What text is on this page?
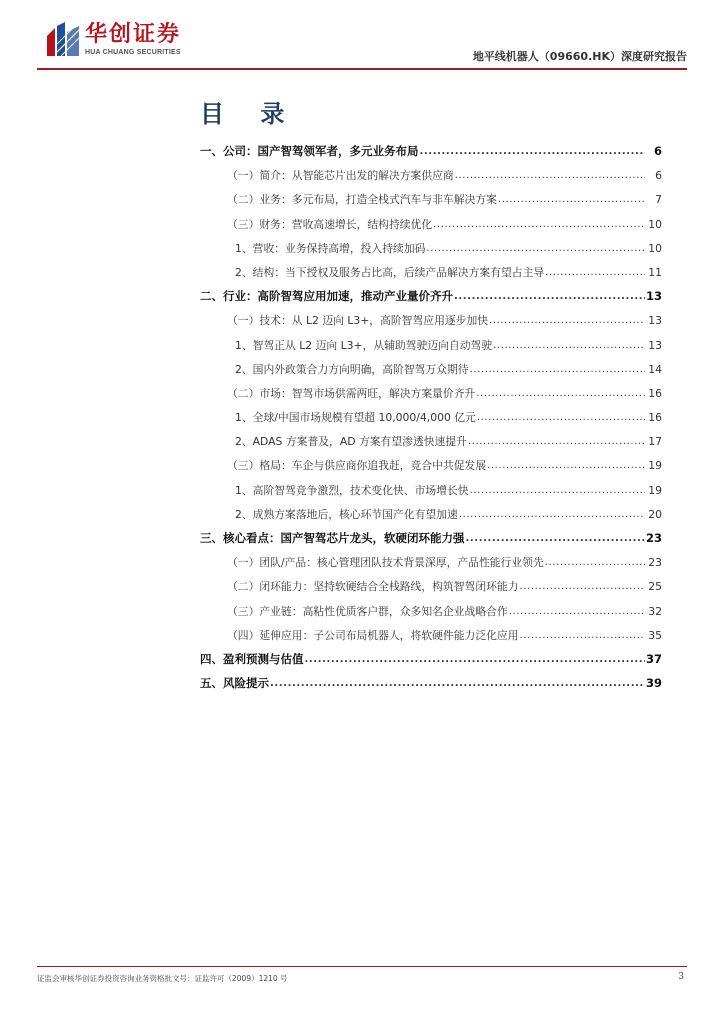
华创证券
HUA CHUANG SECURITIES	地平线机器人（09660.HK）深度研究报告
目 录
一、公司：国产智驾领军者，多元业务布局 .....	6
（一）简介：从智能芯片出发的解决方案供应商 .....	6
（二）业务：多元布局，打造全栈式汽车与非车解决方案 .....	7
（三）财务：营收高速增长，结构持续优化 .....	10
1、营收：业务保持高增，投入持续加码 .....	10
2、结构：当下授权及服务占比高，后续产品解决方案有望占主导 .....	11
二、行业：高阶智驾应用加速，推动产业量价齐升 .....	13
（一）技术：从 L2 迈向 L3+，高阶智驾应用逐步加快 .....	13
1、智驾正从 L2 迈向 L3+，从辅助驾驶迈向自动驾驶 .....	13
2、国内外政策合力方向明确，高阶智驾万众期待 .....	14
（二）市场：智驾市场供需两旺，解决方案量价齐升 .....	16
1、全球/中国市场规模有望超 10,000/4,000 亿元 .....	16
2、ADAS 方案普及，AD 方案有望渗透快速提升 .....	17
（三）格局：车企与供应商你追我赶，竞合中共促发展 .....	19
1、高阶智驾竞争激烈，技术变化快、市场增长快 .....	19
2、成熟方案落地后，核心环节国产化有望加速 .....	20
三、核心看点：国产智驾芯片龙头，软硬闭环能力强 .....	23
（一）团队/产品：核心管理团队技术背景深厚，产品性能行业领先 .....	23
（二）闭环能力：坚持软硬结合全栈路线，构筑智驾闭环能力 .....	25
（三）产业链：高粘性优质客户群，众多知名企业战略合作 .....	32
（四）延伸应用：子公司布局机器人，将软硬件能力泛化应用 .....	35
四、盈利预测与估值 .....	37
五、风险提示 .....	39
证监会审核华创证券投资咨询业务资格批文号：证监许可（2009）1210 号	3
